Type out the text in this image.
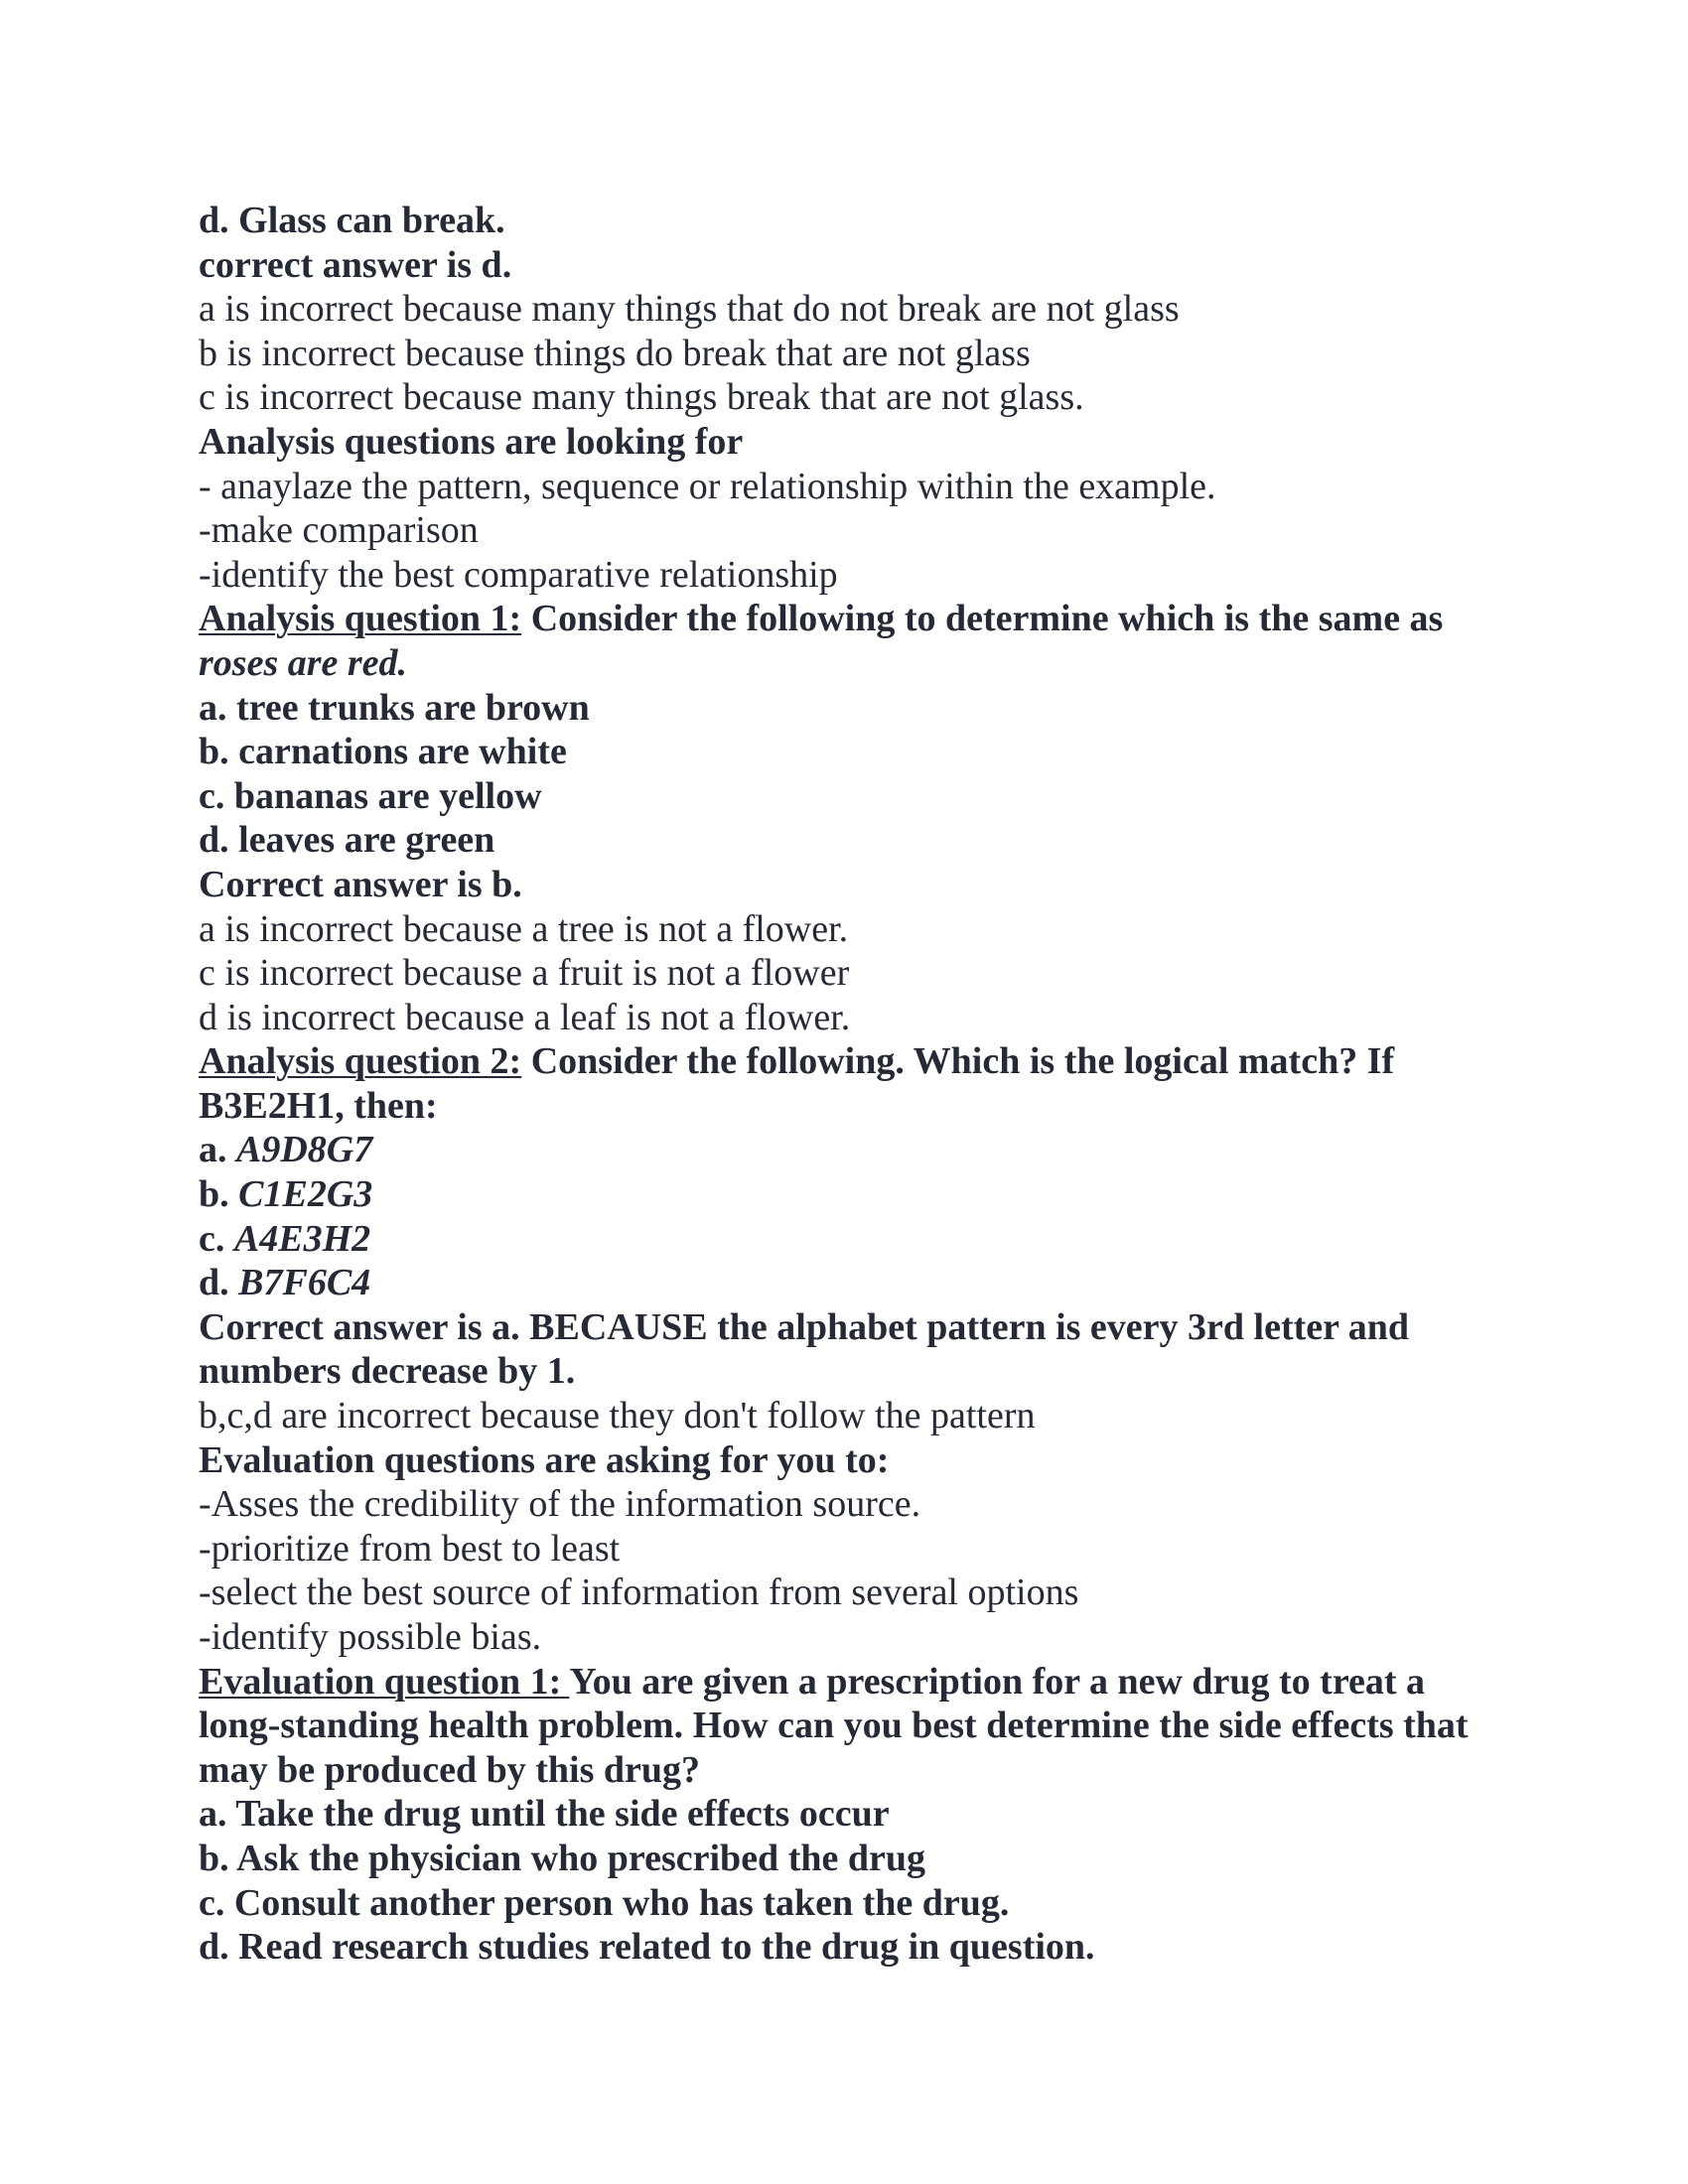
d. Glass can break.
correct answer is d.
a is incorrect because many things that do not break are not glass
b is incorrect because things do break that are not glass
c is incorrect because many things break that are not glass.
Analysis questions are looking for
- anaylaze the pattern, sequence or relationship within the example.
-make comparison
-identify the best comparative relationship
Analysis question 1: Consider the following to determine which is the same as roses are red.
a. tree trunks are brown
b. carnations are white
c. bananas are yellow
d. leaves are green
Correct answer is b.
a is incorrect because a tree is not a flower.
c is incorrect because a fruit is not a flower
d is incorrect because a leaf is not a flower.
Analysis question 2: Consider the following. Which is the logical match? If B3E2H1, then:
a. A9D8G7
b. C1E2G3
c. A4E3H2
d. B7F6C4
Correct answer is a. BECAUSE the alphabet pattern is every 3rd letter and numbers decrease by 1.
b,c,d are incorrect because they don't follow the pattern
Evaluation questions are asking for you to:
-Asses the credibility of the information source.
-prioritize from best to least
-select the best source of information from several options
-identify possible bias.
Evaluation question 1: You are given a prescription for a new drug to treat a long-standing health problem. How can you best determine the side effects that may be produced by this drug?
a. Take the drug until the side effects occur
b. Ask the physician who prescribed the drug
c. Consult another person who has taken the drug.
d. Read research studies related to the drug in question.
